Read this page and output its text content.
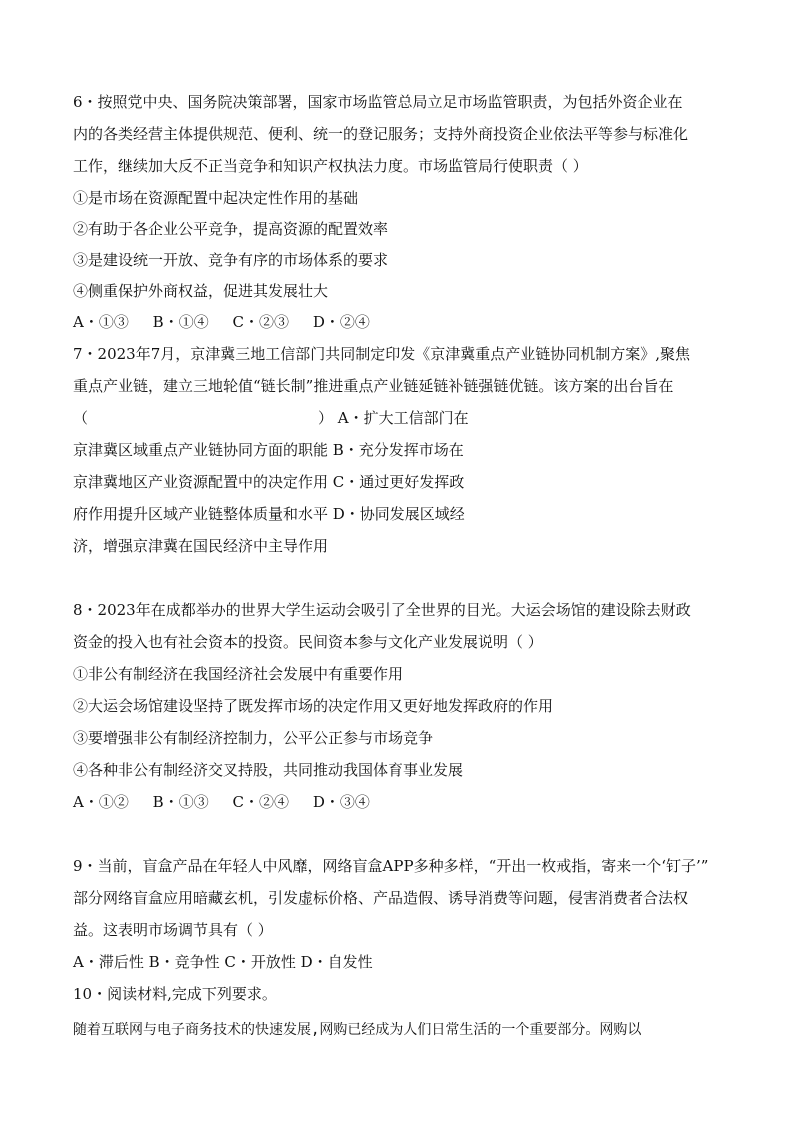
6・按照党中央、国务院决策部署，国家市场监管总局立足市场监管职责，为包括外资企业在
内的各类经营主体提供规范、便利、统一的登记服务；支持外商投资企业依法平等参与标准化
工作，继续加大反不正当竞争和知识产权执法力度。市场监管局行使职责（ ）
①是市场在资源配置中起决定性作用的基础
②有助于各企业公平竞争，提高资源的配置效率
③是建设统一开放、竞争有序的市场体系的要求
④侧重保护外商权益，促进其发展壮大
A・①③     B・①④     C・②③     D・②④
7・2023年7月，京津冀三地工信部门共同制定印发《京津冀重点产业链协同机制方案》,聚焦
重点产业链，建立三地轮值“链长制”推进重点产业链延链补链强链优链。该方案的出台旨在
（	） A・扩大工信部门在
京津冀区域重点产业链协同方面的职能 B・充分发挥市场在
京津冀地区产业资源配置中的决定作用 C・通过更好发挥政
府作用提升区域产业链整体质量和水平 D・协同发展区域经
济，增强京津冀在国民经济中主导作用
8・2023年在成都举办的世界大学生运动会吸引了全世界的目光。大运会场馆的建设除去财政
资金的投入也有社会资本的投资。民间资本参与文化产业发展说明（ ）
①非公有制经济在我国经济社会发展中有重要作用
②大运会场馆建设坚持了既发挥市场的决定作用又更好地发挥政府的作用
③要增强非公有制经济控制力，公平公正参与市场竞争
④各种非公有制经济交叉持股，共同推动我国体育事业发展
A・①②     B・①③     C・②④     D・③④
9・当前，盲盒产品在年轻人中风靡，网络盲盒APP多种多样，“开出一枚戒指，寄来一个‘钉子’”
部分网络盲盒应用暗藏玄机，引发虚标价格、产品造假、诱导消费等问题，侵害消费者合法权
益。这表明市场调节具有（ ）
A・滞后性 B・竞争性 C・开放性 D・自发性
10・阅读材料,完成下列要求。
随着互联网与电子商务技术的快速发展,网购已经成为人们日常生活的一个重要部分。网购以
